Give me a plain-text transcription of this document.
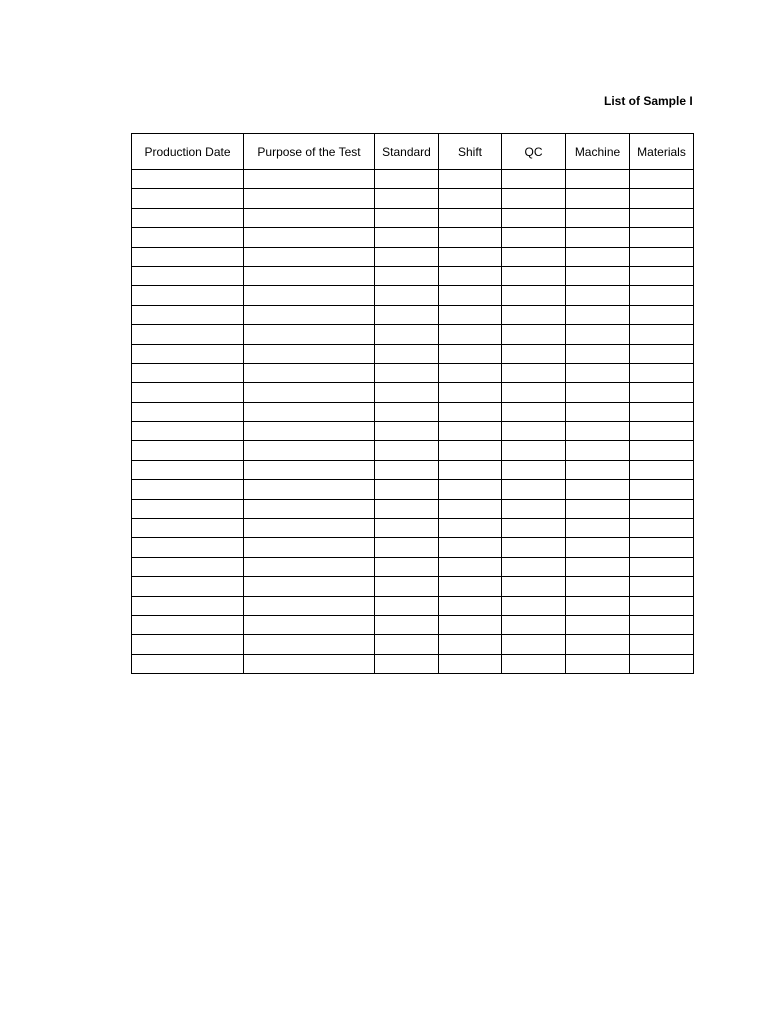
List of Sample I
Production Date	Purpose of the Test	Standard	Shift	QC	Machine	Materials
